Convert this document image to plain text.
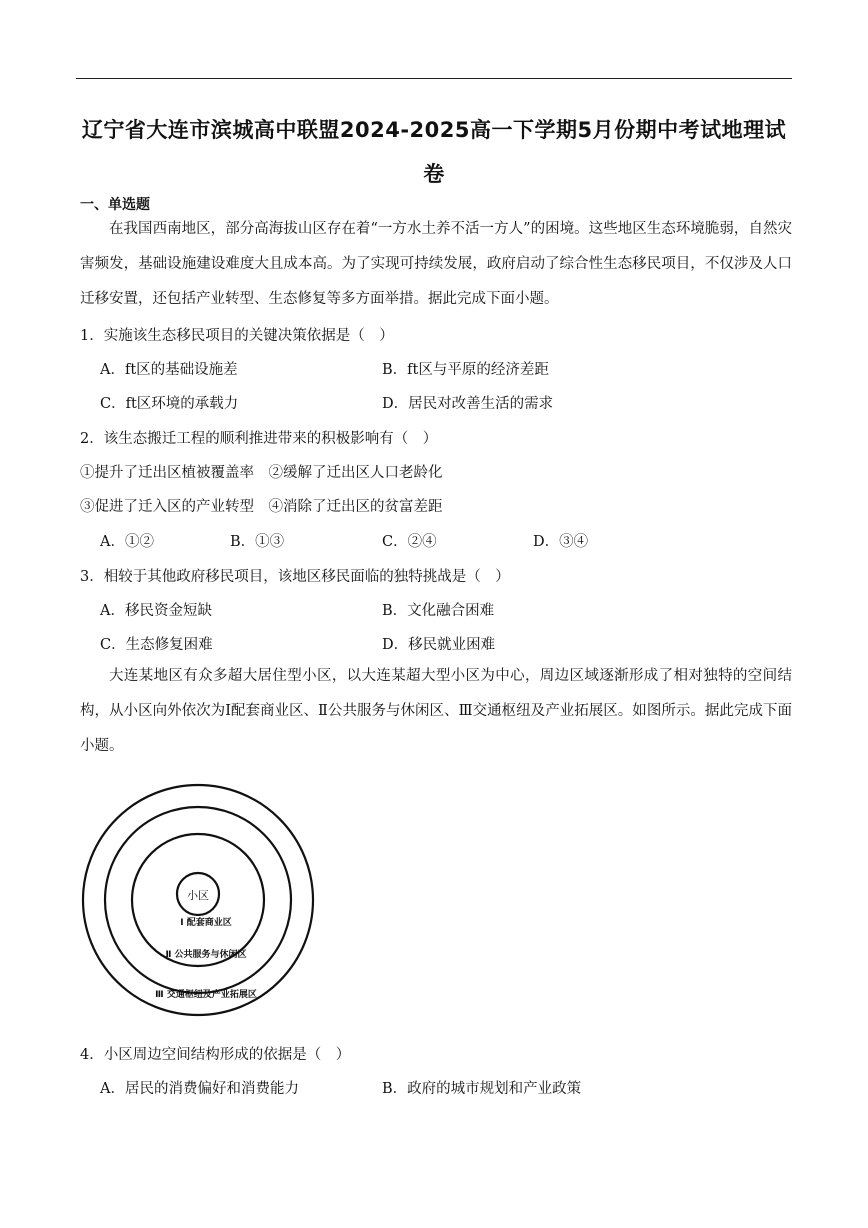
辽宁省大连市滨城高中联盟2024-2025高一下学期5月份期中考试地理试卷
一、单选题
在我国西南地区，部分高海拔山区存在着“一方水土养不活一方人”的困境。这些地区生态环境脆弱，自然灾害频发，基础设施建设难度大且成本高。为了实现可持续发展，政府启动了综合性生态移民项目，不仅涉及人口迁移安置，还包括产业转型、生态修复等多方面举措。据此完成下面小题。
1．实施该生态移民项目的关键决策依据是（　）
A．ft区的基础设施差	B．ft区与平原的经济差距
C．ft区环境的承载力	D．居民对改善生活的需求
2．该生态搬迁工程的顺利推进带来的积极影响有（　）
①提升了迁出区植被覆盖率　②缓解了迁出区人口老龄化
③促进了迁入区的产业转型　④消除了迁出区的贫富差距
A．①②	B．①③	C．②④	D．③④
3．相较于其他政府移民项目，该地区移民面临的独特挑战是（　）
A．移民资金短缺	B．文化融合困难
C．生态修复困难	D．移民就业困难
大连某地区有众多超大居住型小区，以大连某超大型小区为中心，周边区域逐渐形成了相对独特的空间结构，从小区向外依次为Ⅰ配套商业区、Ⅱ公共服务与休闲区、Ⅲ交通枢纽及产业拓展区。如图所示。据此完成下面小题。
小区
Ⅰ 配套商业区
Ⅱ 公共服务与休闲区
Ⅲ 交通枢纽及产业拓展区
4．小区周边空间结构形成的依据是（　）
A．居民的消费偏好和消费能力	B．政府的城市规划和产业政策
